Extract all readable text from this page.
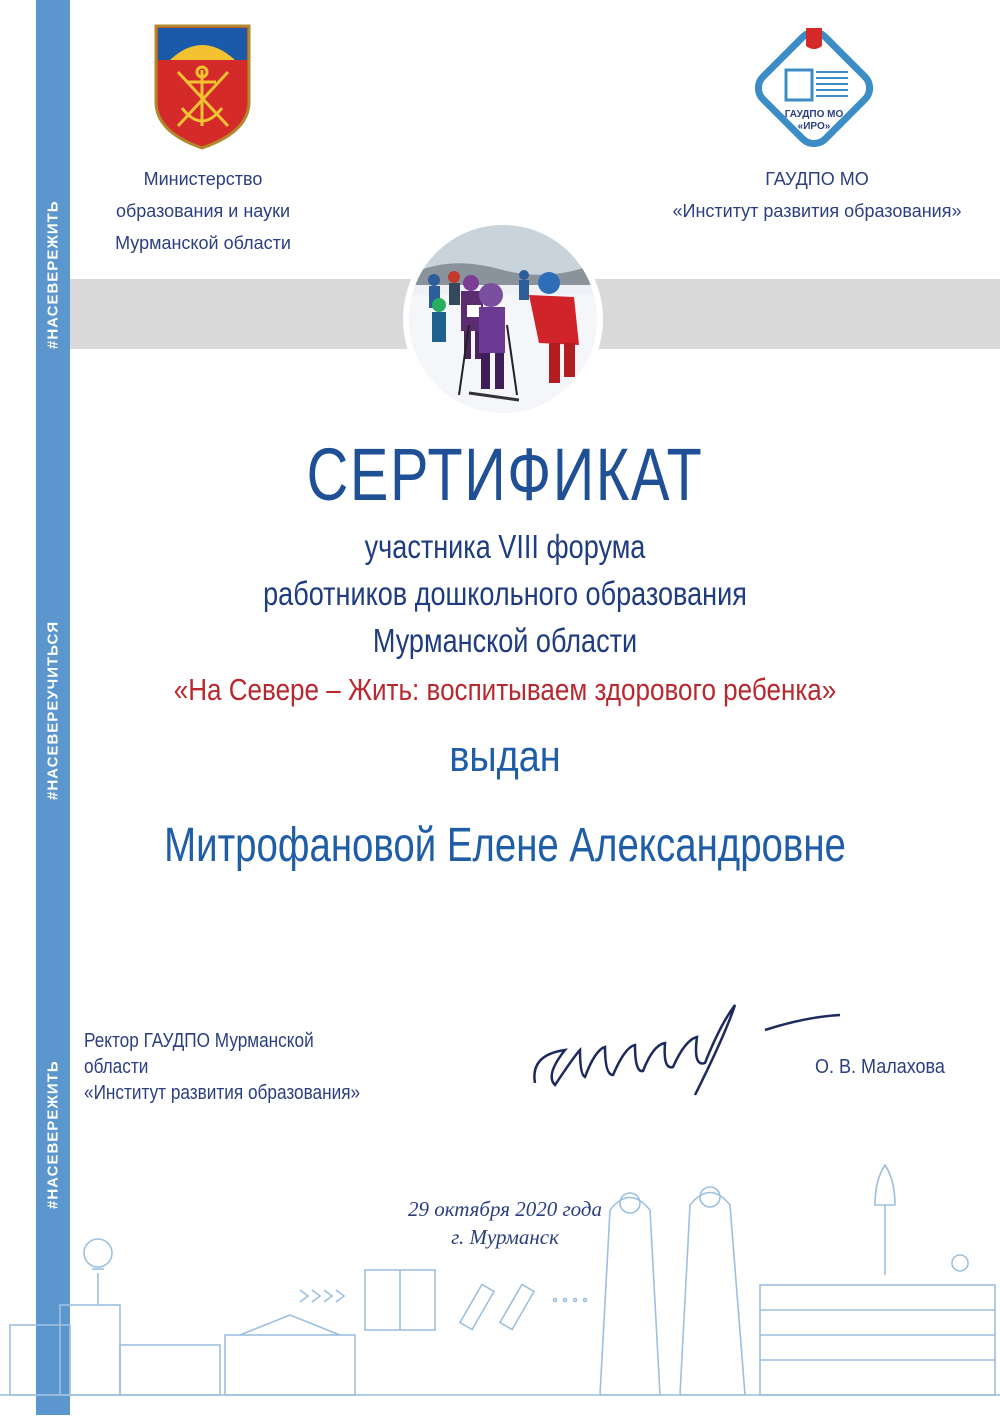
#НАСЕВЕРЕЖИТЬ
#НАСЕВЕРЕУЧИТЬСЯ
#НАСЕВЕРЕЖИТЬ
Министерство
образования и науки
Мурманской области
ГАУДПО МО
«ИРО»
ГАУДПО МО
«Институт развития образования»
СЕРТИФИКАТ
участника VIII форума
работников дошкольного образования
Мурманской области
«На Севере – Жить: воспитываем здорового ребенка»
выдан
Митрофановой Елене Александровне
Ректор ГАУДПО Мурманской области
«Институт развития образования»
О. В. Малахова
29 октября 2020 года
г. Мурманск
